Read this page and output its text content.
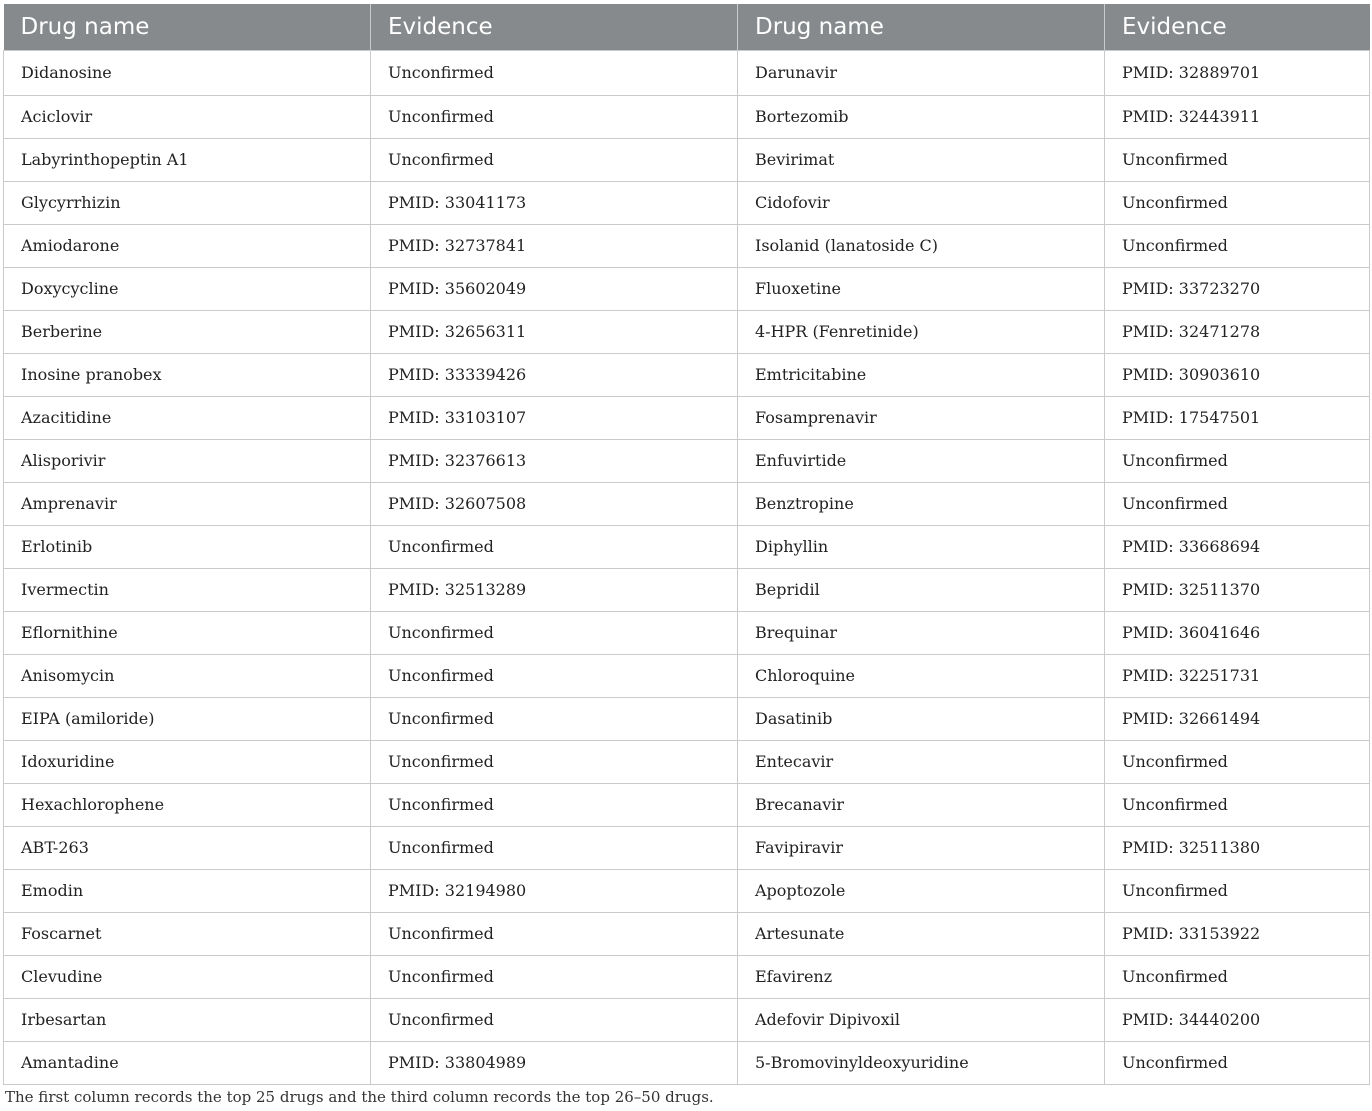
Drug name	Evidence	Drug name	Evidence
Didanosine	Unconfirmed	Darunavir	PMID: 32889701
Aciclovir	Unconfirmed	Bortezomib	PMID: 32443911
Labyrinthopeptin A1	Unconfirmed	Bevirimat	Unconfirmed
Glycyrrhizin	PMID: 33041173	Cidofovir	Unconfirmed
Amiodarone	PMID: 32737841	Isolanid (lanatoside C)	Unconfirmed
Doxycycline	PMID: 35602049	Fluoxetine	PMID: 33723270
Berberine	PMID: 32656311	4-HPR (Fenretinide)	PMID: 32471278
Inosine pranobex	PMID: 33339426	Emtricitabine	PMID: 30903610
Azacitidine	PMID: 33103107	Fosamprenavir	PMID: 17547501
Alisporivir	PMID: 32376613	Enfuvirtide	Unconfirmed
Amprenavir	PMID: 32607508	Benztropine	Unconfirmed
Erlotinib	Unconfirmed	Diphyllin	PMID: 33668694
Ivermectin	PMID: 32513289	Bepridil	PMID: 32511370
Eflornithine	Unconfirmed	Brequinar	PMID: 36041646
Anisomycin	Unconfirmed	Chloroquine	PMID: 32251731
EIPA (amiloride)	Unconfirmed	Dasatinib	PMID: 32661494
Idoxuridine	Unconfirmed	Entecavir	Unconfirmed
Hexachlorophene	Unconfirmed	Brecanavir	Unconfirmed
ABT-263	Unconfirmed	Favipiravir	PMID: 32511380
Emodin	PMID: 32194980	Apoptozole	Unconfirmed
Foscarnet	Unconfirmed	Artesunate	PMID: 33153922
Clevudine	Unconfirmed	Efavirenz	Unconfirmed
Irbesartan	Unconfirmed	Adefovir Dipivoxil	PMID: 34440200
Amantadine	PMID: 33804989	5-Bromovinyldeoxyuridine	Unconfirmed
The first column records the top 25 drugs and the third column records the top 26–50 drugs.
